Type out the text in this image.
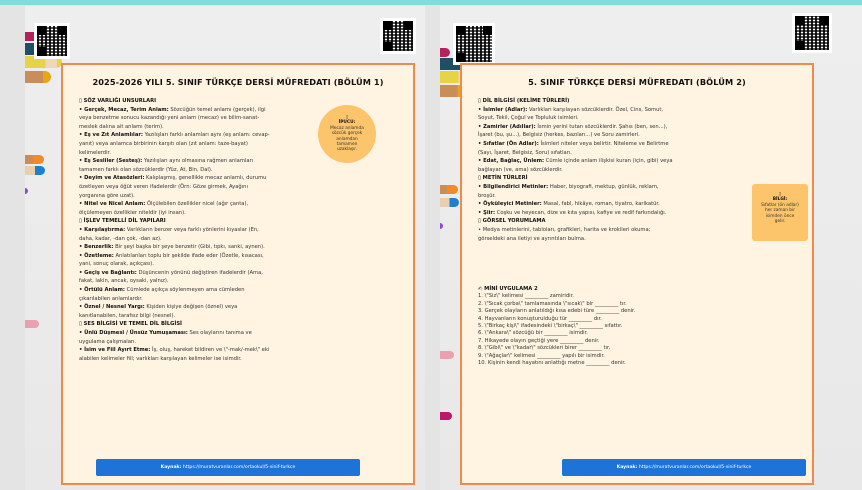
2025-2026 YILI 5. SINIF TÜRKÇE DERSİ MÜFREDATI (BÖLÜM 1)
▯ SÖZ VARLIĞI UNSURLARI
• Gerçek, Mecaz, Terim Anlam: Sözcüğün temel anlamı (gerçek), ilgi
veya benzetme sonucu kazandığı yeni anlam (mecaz) ve bilim-sanat-
meslek dalına ait anlamı (terim).
• Eş ve Zıt Anlamlılar: Yazılışları farklı anlamları aynı (eş anlam: cevap-
yanıt) veya anlamca birbirinin karşıtı olan (zıt anlam: taze-bayat)
kelimelerdir.
• Eş Sesliler (Sesteş): Yazılışları aynı olmasına rağmen anlamları
tamamen farklı olan sözcüklerdir (Yüz, At, Bin, Dal).
• Deyim ve Atasözleri: Kalıplaşmış, genellikle mecaz anlamlı, durumu
özetleyen veya öğüt veren ifadelerdir (Örn: Göze girmek, Ayağını
yorganına göre uzat).
• Nitel ve Nicel Anlam: Ölçülebilen özellikler nicel (ağır çanta),
ölçülemeyen özellikler niteldir (iyi insan).
▯ İŞLEV TEMELLİ DİL YAPILARI
• Karşılaştırma: Varlıkların benzer veya farklı yönlerini kıyaslar (En,
daha, kadar, -dan çok, -dan az).
• Benzerlik: Bir şeyi başka bir şeye benzetir (Gibi, tıpkı, sanki, aynen).
• Özetleme: Anlatılanları toplu bir şekilde ifade eder (Özetle, kısacası,
yani, sonuç olarak, açıkçası).
• Geçiş ve Bağlantı: Düşüncenin yönünü değiştiren ifadelerdir (Ama,
fakat, lakin, ancak, oysaki, yalnız).
• Örtülü Anlam: Cümlede açıkça söylenmeyen ama cümleden
çıkarılabilen anlamlardır.
• Öznel / Nesnel Yargı: Kişiden kişiye değişen (öznel) veya
kanıtlanabilen, tarafsız bilgi (nesnel).
▯ SES BİLGİSİ VE TEMEL DİL BİLGİSİ
• Ünlü Düşmesi / Ünsüz Yumuşaması: Ses olaylarını tanıma ve
uygulama çalışmaları.
• İsim ve Fiil Ayırt Etme: İş, oluş, hareket bildiren ve \"-mak/-mek\" eki
alabilen kelimeler fiil; varlıkları karşılayan kelimeler ise isimdir.
▯
İPUCU:
Mecaz anlamda
sözcük gerçek
anlamdan
tamamen
uzaklaşır.
Kaynak: https://muratvuranlar.com/ortaokul/5-sinif-turkce
5. SINIF TÜRKÇE DERSİ MÜFREDATI (BÖLÜM 2)
▯ DİL BİLGİSİ (KELİME TÜRLERİ)
• İsimler (Adlar): Varlıkları karşılayan sözcüklerdir. Özel, Cins, Somut,
Soyut, Tekil, Çoğul ve Topluluk isimleri.
• Zamirler (Adıllar): İsmin yerini tutan sözcüklerdir. Şahıs (ben, sen...),
İşaret (bu, şu...), Belgisiz (herkes, bazıları...) ve Soru zamirleri.
• Sıfatlar (Ön Adlar): İsimleri niteler veya belirtir. Niteleme ve Belirtme
(Sayı, İşaret, Belgisiz, Soru) sıfatları.
• Edat, Bağlaç, Ünlem: Cümle içinde anlam ilişkisi kuran (için, gibi) veya
bağlayan (ve, ama) sözcüklerdir.
▯ METİN TÜRLERİ
• Bilgilendirici Metinler: Haber, biyografi, mektup, günlük, reklam,
broşür.
• Öyküleyici Metinler: Masal, fabl, hikâye, roman, tiyatro, karikatür.
• Şiir: Coşku ve heyecan, dize ve kıta yapısı, kafiye ve redif farkındalığı.
▯ GÖRSEL YORUMLAMA
• Medya metinlerini, tabloları, grafikleri, harita ve krokileri okuma;
görseldeki ana iletiyi ve ayrıntıları bulma.
✍ MİNİ UYGULAMA 2
1. \"Siz\" kelimesi _________ zamiridir.
2. \"Sıcak çorba\" tamlamasında \"sıcak\" bir _________ tır.
3. Gerçek olayların anlatıldığı kısa edebi türe _________ denir.
4. Hayvanların konuşturulduğu tür _________ dır.
5. \"Birkaç kişi\" ifadesindeki \"birkaç\" _________ sıfattır.
6. \"Ankara\" sözcüğü bir _________ isimdir.
7. Hikayede olayın geçtiği yere _________ denir.
8. \"Gibi\" ve \"kadar\" sözcükleri birer _________ tır.
9. \"Ağaçlar\" kelimesi _________ yapılı bir isimdir.
10. Kişinin kendi hayatını anlattığı metne _________ denir.
▯
BİLGİ:
Sıfatlar (ön adlar)
her zaman bir
isimden önce
gelir.
Kaynak: https://muratvuranlar.com/ortaokul/5-sinif-turkce
